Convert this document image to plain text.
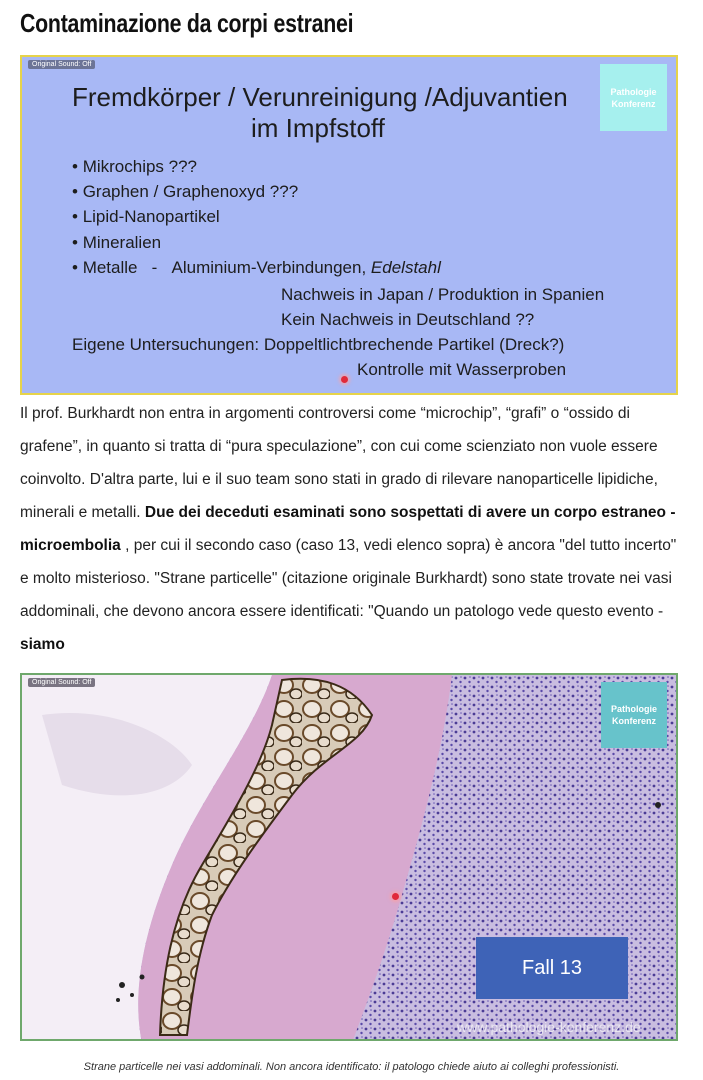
Contaminazione da corpi estranei
Original Sound: Off
Pathologie
Konferenz
Fremdkörper / Verunreinigung /Adjuvantien
im Impfstoff
• Mikrochips ???
• Graphen / Graphenoxyd ???
• Lipid-Nanopartikel
• Mineralien
• Metalle - Aluminium-Verbindungen, Edelstahl
Nachweis in Japan / Produktion in Spanien
Kein Nachweis in Deutschland ??
Eigene Untersuchungen: Doppeltlichtbrechende Partikel (Dreck?)
Kontrolle mit Wasserproben
Il prof. Burkhardt non entra in argomenti controversi come “microchip”, “grafi” o “ossido di grafene”, in quanto si tratta di “pura speculazione”, con cui come scienziato non vuole essere coinvolto. D'altra parte, lui e il suo team sono stati in grado di rilevare nanoparticelle lipidiche, minerali e metalli. Due dei deceduti esaminati sono sospettati di avere un corpo estraneo - microembolia , per cui il secondo caso (caso 13, vedi elenco sopra) è ancora "del tutto incerto" e molto misterioso. "Strane particelle" (citazione originale Burkhardt) sono state trovate nei vasi addominali, che devono ancora essere identificati: "Quando un patologo vede questo evento - siamo
Original Sound: Off
Pathologie
Konferenz
Fall 13
www.pathologie-konferenz.de
Strane particelle nei vasi addominali. Non ancora identificato: il patologo chiede aiuto ai colleghi professionisti.
